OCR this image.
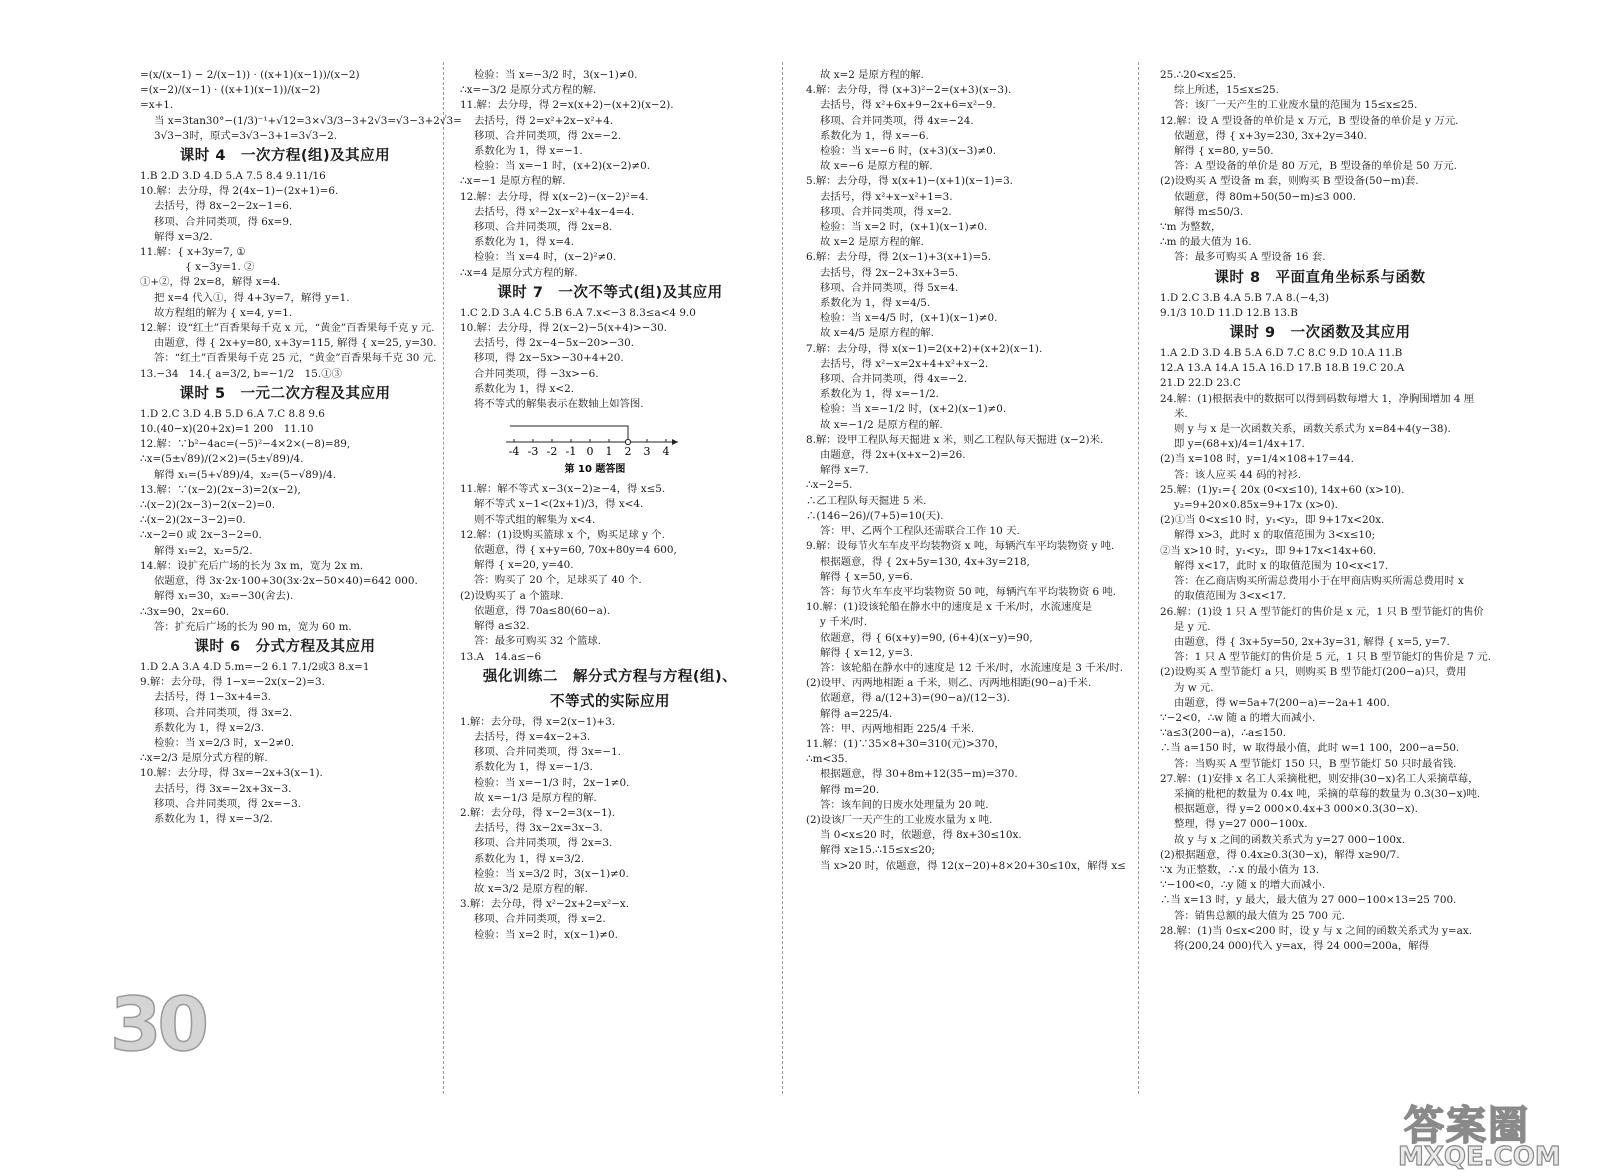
=(x/(x−1) − 2/(x−1)) · ((x+1)(x−1))/(x−2)
=(x−2)/(x−1) · ((x+1)(x−1))/(x−2)
=x+1.
当 x=3tan30°−(1/3)⁻¹+√12=3×√3/3−3+2√3=√3−3+2√3=
3√3−3时，原式=3√3−3+1=3√3−2.
课时 4　一次方程(组)及其应用
1.B 2.D 3.D 4.D 5.A 7.5 8.4 9.11/16
10.解：去分母，得 2(4x−1)−(2x+1)=6.
去括号，得 8x−2−2x−1=6.
移项、合并同类项，得 6x=9.
解得 x=3/2.
11.解：{ x+3y=7, ①
　　　{ x−3y=1. ②
①+②，得 2x=8，解得 x=4.
把 x=4 代入①，得 4+3y=7，解得 y=1.
故方程组的解为 { x=4, y=1.
12.解：设“红土”百香果每千克 x 元，“黄金”百香果每千克 y 元.
由题意，得 { 2x+y=80, x+3y=115, 解得 { x=25, y=30.
答：“红土”百香果每千克 25 元，“黄金”百香果每千克 30 元.
13.−34　14.{ a=3/2, b=−1/2　15.①③
课时 5　一元二次方程及其应用
1.D 2.C 3.D 4.B 5.D 6.A 7.C 8.8 9.6
10.(40−x)(20+2x)=1 200　11.10
12.解：∵b²−4ac=(−5)²−4×2×(−8)=89,
∴x=(5±√89)/(2×2)=(5±√89)/4.
解得 x₁=(5+√89)/4，x₂=(5−√89)/4.
13.解：∵(x−2)(2x−3)=2(x−2),
∴(x−2)(2x−3)−2(x−2)=0.
∴(x−2)(2x−3−2)=0.
∴x−2=0 或 2x−3−2=0.
解得 x₁=2，x₂=5/2.
14.解：设扩充后广场的长为 3x m，宽为 2x m.
依题意，得 3x·2x·100+30(3x·2x−50×40)=642 000.
解得 x₁=30，x₂=−30(舍去).
∴3x=90，2x=60.
答：扩充后广场的长为 90 m，宽为 60 m.
课时 6　分式方程及其应用
1.D 2.A 3.A 4.D 5.m=−2 6.1 7.1/2或3 8.x=1
9.解：去分母，得 1−x=−2x(x−2)=3.
去括号，得 1−3x+4=3.
移项、合并同类项，得 3x=2.
系数化为 1，得 x=2/3.
检验：当 x=2/3 时，x−2≠0.
∴x=2/3 是原分式方程的解.
10.解：去分母，得 3x=−2x+3(x−1).
去括号，得 3x=−2x+3x−3.
移项、合并同类项，得 2x=−3.
系数化为 1，得 x=−3/2.
检验：当 x=−3/2 时，3(x−1)≠0.
∴x=−3/2 是原分式方程的解.
11.解：去分母，得 2=x(x+2)−(x+2)(x−2).
去括号，得 2=x²+2x−x²+4.
移项、合并同类项，得 2x=−2.
系数化为 1，得 x=−1.
检验：当 x=−1 时，(x+2)(x−2)≠0.
∴x=−1 是原方程的解.
12.解：去分母，得 x(x−2)−(x−2)²=4.
去括号，得 x²−2x−x²+4x−4=4.
移项、合并同类项，得 2x=8.
系数化为 1，得 x=4.
检验：当 x=4 时，(x−2)²≠0.
∴x=4 是原分式方程的解.
课时 7　一次不等式(组)及其应用
1.C 2.D 3.A 4.C 5.B 6.A 7.x<−3 8.3≤a<4 9.0
10.解：去分母，得 2(x−2)−5(x+4)>−30.
去括号，得 2x−4−5x−20>−30.
移项，得 2x−5x>−30+4+20.
合并同类项，得 −3x>−6.
系数化为 1，得 x<2.
将不等式的解集表示在数轴上如答图.
-4 -3 -2 -1 0 1 2 3 4
第 10 题答图
11.解：解不等式 x−3(x−2)≥−4，得 x≤5.
解不等式 x−1<(2x+1)/3，得 x<4.
则不等式组的解集为 x<4.
12.解：(1)设购买篮球 x 个，购买足球 y 个.
依题意，得 { x+y=60, 70x+80y=4 600,
解得 { x=20, y=40.
答：购买了 20 个，足球买了 40 个.
(2)设购买了 a 个篮球.
依题意，得 70a≤80(60−a).
解得 a≤32.
答：最多可购买 32 个篮球.
13.A　14.a≤−6
强化训练二　解分式方程与方程(组)、
不等式的实际应用
1.解：去分母，得 x=2(x−1)+3.
去括号，得 x=4x−2+3.
移项、合并同类项，得 3x=−1.
系数化为 1，得 x=−1/3.
检验：当 x=−1/3 时，2x−1≠0.
故 x=−1/3 是原方程的解.
2.解：去分母，得 x−2=3(x−1).
去括号，得 3x−2x=3x−3.
移项、合并同类项，得 2x=3.
系数化为 1，得 x=3/2.
检验：当 x=3/2 时，3(x−1)≠0.
故 x=3/2 是原方程的解.
3.解：去分母，得 x²−2x+2=x²−x.
移项、合并同类项，得 x=2.
检验：当 x=2 时，x(x−1)≠0.
故 x=2 是原方程的解.
4.解：去分母，得 (x+3)²−2=(x+3)(x−3).
去括号，得 x²+6x+9−2x+6=x²−9.
移项、合并同类项，得 4x=−24.
系数化为 1，得 x=−6.
检验：当 x=−6 时，(x+3)(x−3)≠0.
故 x=−6 是原方程的解.
5.解：去分母，得 x(x+1)−(x+1)(x−1)=3.
去括号，得 x²+x−x²+1=3.
移项、合并同类项，得 x=2.
检验：当 x=2 时，(x+1)(x−1)≠0.
故 x=2 是原方程的解.
6.解：去分母，得 2(x−1)+3(x+1)=5.
去括号，得 2x−2+3x+3=5.
移项、合并同类项，得 5x=4.
系数化为 1，得 x=4/5.
检验：当 x=4/5 时，(x+1)(x−1)≠0.
故 x=4/5 是原方程的解.
7.解：去分母，得 x(x−1)=2(x+2)+(x+2)(x−1).
去括号，得 x²−x=2x+4+x²+x−2.
移项、合并同类项，得 4x=−2.
系数化为 1，得 x=−1/2.
检验：当 x=−1/2 时，(x+2)(x−1)≠0.
故 x=−1/2 是原方程的解.
8.解：设甲工程队每天掘进 x 米，则乙工程队每天掘进 (x−2)米.
由题意，得 2x+(x+x−2)=26.
解得 x=7.
∴x−2=5.
∴乙工程队每天掘进 5 米.
∴(146−26)/(7+5)=10(天).
答：甲、乙两个工程队还需联合工作 10 天.
9.解：设每节火车车皮平均装物资 x 吨，每辆汽车平均装物资 y 吨.
根据题意，得 { 2x+5y=130, 4x+3y=218,
解得 { x=50, y=6.
答：每节火车车皮平均装物资 50 吨，每辆汽车平均装物资 6 吨.
10.解：(1)设该轮船在静水中的速度是 x 千米/时，水流速度是
y 千米/时.
依题意，得 { 6(x+y)=90, (6+4)(x−y)=90,
解得 { x=12, y=3.
答：该轮船在静水中的速度是 12 千米/时，水流速度是 3 千米/时.
(2)设甲、丙两地相距 a 千米，则乙、丙两地相距(90−a)千米.
依题意，得 a/(12+3)=(90−a)/(12−3).
解得 a=225/4.
答：甲、丙两地相距 225/4 千米.
11.解：(1)∵35×8+30=310(元)>370，
∴m<35.
根据题意，得 30+8m+12(35−m)=370.
解得 m=20.
答：该车间的日废水处理量为 20 吨.
(2)设该厂一天产生的工业废水量为 x 吨.
当 0<x≤20 时，依题意，得 8x+30≤10x.
解得 x≥15.∴15≤x≤20;
当 x>20 时，依题意，得 12(x−20)+8×20+30≤10x，解得 x≤
25.∴20<x≤25.
综上所述，15≤x≤25.
答：该厂一天产生的工业废水量的范围为 15≤x≤25.
12.解：设 A 型设备的单价是 x 万元，B 型设备的单价是 y 万元.
依题意，得 { x+3y=230, 3x+2y=340.
解得 { x=80, y=50.
答：A 型设备的单价是 80 万元，B 型设备的单价是 50 万元.
(2)设购买 A 型设备 m 套，则购买 B 型设备(50−m)套.
依题意，得 80m+50(50−m)≤3 000.
解得 m≤50/3.
∵m 为整数，
∴m 的最大值为 16.
答：最多可购买 A 型设备 16 套.
课时 8　平面直角坐标系与函数
1.D 2.C 3.B 4.A 5.B 7.A 8.(−4,3)
9.1/3 10.D 11.D 12.B 13.B
课时 9　一次函数及其应用
1.A 2.D 3.D 4.B 5.A 6.D 7.C 8.C 9.D 10.A 11.B
12.A 13.A 14.A 15.A 16.D 17.B 18.B 19.C 20.A
21.D 22.D 23.C
24.解：(1)根据表中的数据可以得到码数每增大 1，净胸围增加 4 厘
米.
则 y 与 x 是一次函数关系，函数关系式为 x=84+4(y−38).
即 y=(68+x)/4=1/4x+17.
(2)当 x=108 时，y=1/4×108+17=44.
答：该人应买 44 码的衬衫.
25.解：(1)y₁={ 20x (0<x≤10), 14x+60 (x>10).
y₂=9+20×0.85x=9+17x (x>0).
(2)①当 0<x≤10 时，y₁<y₂，即 9+17x<20x.
解得 x>3，此时 x 的取值范围为 3<x≤10;
②当 x>10 时，y₁<y₂，即 9+17x<14x+60.
解得 x<17，此时 x 的取值范围为 10<x<17.
答：在乙商店购买所需总费用小于在甲商店购买所需总费用时 x
的取值范围为 3<x<17.
26.解：(1)设 1 只 A 型节能灯的售价是 x 元，1 只 B 型节能灯的售价
是 y 元.
由题意，得 { 3x+5y=50, 2x+3y=31, 解得 { x=5, y=7.
答：1 只 A 型节能灯的售价是 5 元，1 只 B 型节能灯的售价是 7 元.
(2)设购买 A 型节能灯 a 只，则购买 B 型节能灯(200−a)只，费用
为 w 元.
由题意，得 w=5a+7(200−a)=−2a+1 400.
∵−2<0，∴w 随 a 的增大而减小.
∵a≤3(200−a)，∴a≤150.
∴当 a=150 时，w 取得最小值，此时 w=1 100，200−a=50.
答：当购买 A 型节能灯 150 只，B 型节能灯 50 只时最省钱.
27.解：(1)安排 x 名工人采摘枇杷，则安排(30−x)名工人采摘草莓，
采摘的枇杷的数量为 0.4x 吨，采摘的草莓的数量为 0.3(30−x)吨.
根据题意，得 y=2 000×0.4x+3 000×0.3(30−x).
整理，得 y=27 000−100x.
故 y 与 x 之间的函数关系式为 y=27 000−100x.
(2)根据题意，得 0.4x≥0.3(30−x)，解得 x≥90/7.
∵x 为正整数，∴x 的最小值为 13.
∵−100<0，∴y 随 x 的增大而减小.
∴当 x=13 时，y 最大，最大值为 27 000−100×13=25 700.
答：销售总额的最大值为 25 700 元.
28.解：(1)当 0≤x<200 时，设 y 与 x 之间的函数关系式为 y=ax.
将(200,24 000)代入 y=ax，得 24 000=200a，解得
30
答案圈
MXQE.COM
